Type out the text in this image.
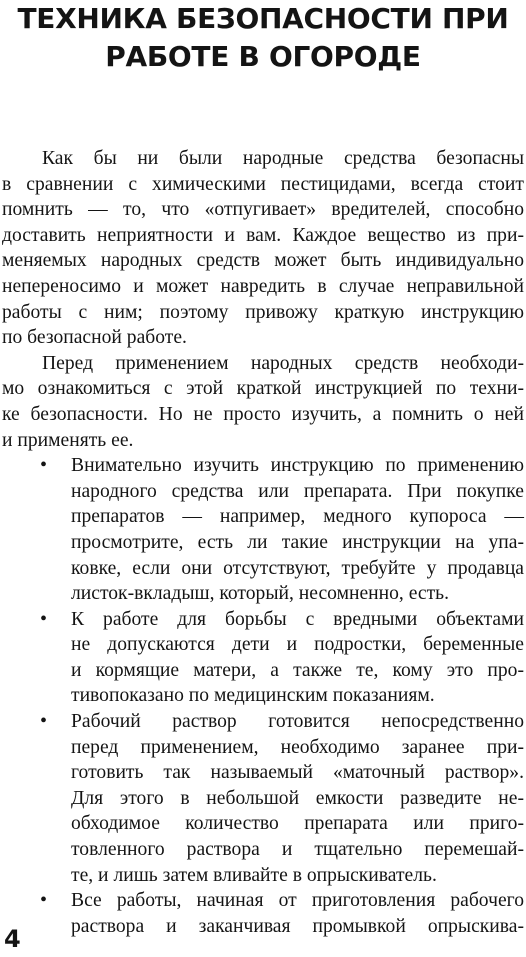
ТЕХНИКА БЕЗОПАСНОСТИ ПРИ
РАБОТЕ В ОГОРОДЕ
Как бы ни были народные средства безопасны
в сравнении с химическими пестицидами, всегда стоит
помнить — то, что «отпугивает» вредителей, способно
доставить неприятности и вам. Каждое вещество из при-
меняемых народных средств может быть индивидуально
непереносимо и может навредить в случае неправильной
работы с ним; поэтому привожу краткую инструкцию
по безопасной работе.
Перед применением народных средств необходи-
мо ознакомиться с этой краткой инструкцией по техни-
ке безопасности. Но не просто изучить, а помнить о ней
и применять ее.
• Внимательно изучить инструкцию по применению
народного средства или препарата. При покупке
препаратов — например, медного купороса —
просмотрите, есть ли такие инструкции на упа-
ковке, если они отсутствуют, требуйте у продавца
листок-вкладыш, который, несомненно, есть.
• К работе для борьбы с вредными объектами
не допускаются дети и подростки, беременные
и кормящие матери, а также те, кому это про-
тивопоказано по медицинским показаниям.
• Рабочий раствор готовится непосредственно
перед применением, необходимо заранее при-
готовить так называемый «маточный раствор».
Для этого в небольшой емкости разведите не-
обходимое количество препарата или приго-
товленного раствора и тщательно перемешай-
те, и лишь затем вливайте в опрыскиватель.
• Все работы, начиная от приготовления рабочего
раствора и заканчивая промывкой опрыскива-
4
